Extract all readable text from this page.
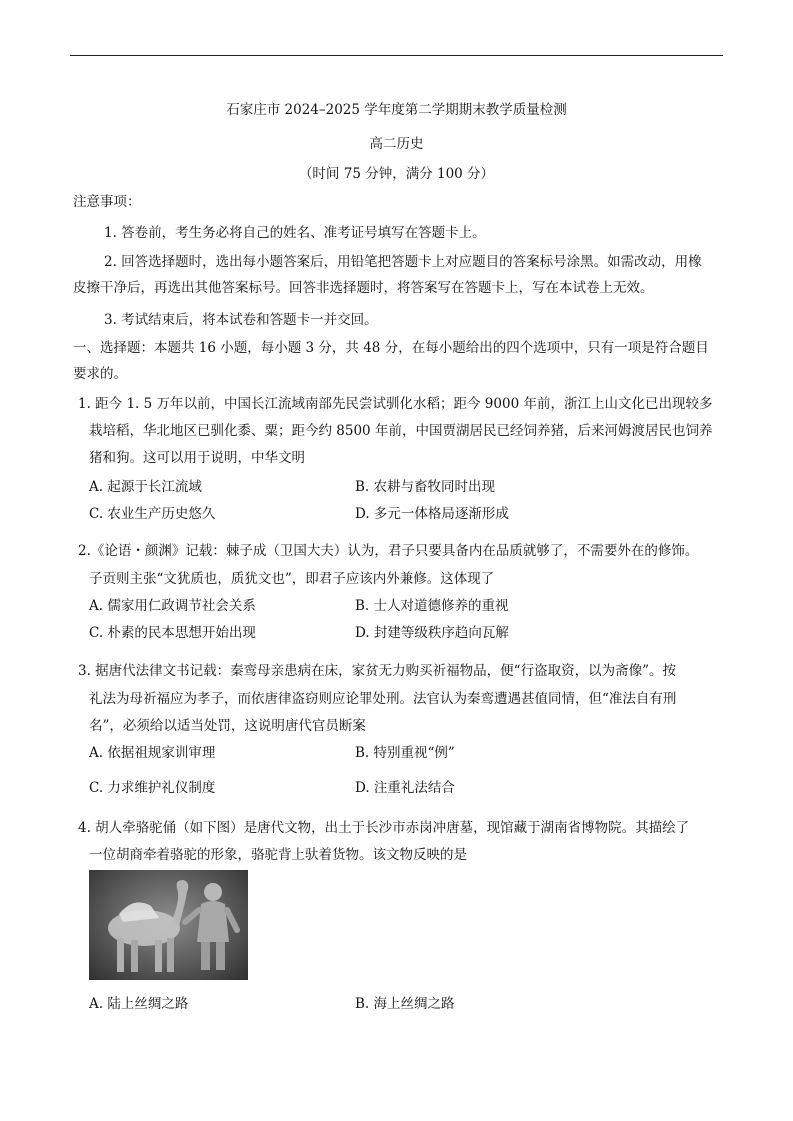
石家庄市 2024–2025 学年度第二学期期末教学质量检测
高二历史
（时间 75 分钟，满分 100 分）
注意事项：
1. 答卷前，考生务必将自己的姓名、准考证号填写在答题卡上。
2. 回答选择题时，选出每小题答案后，用铅笔把答题卡上对应题目的答案标号涂黑。如需改动，用橡
皮擦干净后，再选出其他答案标号。回答非选择题时，将答案写在答题卡上，写在本试卷上无效。
3. 考试结束后，将本试卷和答题卡一并交回。
一、选择题：本题共 16 小题，每小题 3 分，共 48 分，在每小题给出的四个选项中，只有一项是符合题目
要求的。
1. 距今 1. 5 万年以前，中国长江流域南部先民尝试驯化水稻；距今 9000 年前，浙江上山文化已出现较多
栽培稻，华北地区已驯化黍、粟；距今约 8500 年前，中国贾湖居民已经饲养猪，后来河姆渡居民也饲养
猪和狗。这可以用于说明，中华文明
A. 起源于长江流域	B. 农耕与畜牧同时出现
C. 农业生产历史悠久	D. 多元一体格局逐渐形成
2.《论语・颜渊》记载：棘子成（卫国大夫）认为，君子只要具备内在品质就够了，不需要外在的修饰。
子贡则主张“文犹质也，质犹文也”，即君子应该内外兼修。这体现了
A. 儒家用仁政调节社会关系	B. 士人对道德修养的重视
C. 朴素的民本思想开始出现	D. 封建等级秩序趋向瓦解
3. 据唐代法律文书记载：秦鸾母亲患病在床，家贫无力购买祈福物品，便“行盗取资，以为斋像”。按
礼法为母祈福应为孝子，而依唐律盗窃则应论罪处刑。法官认为秦鸾遭遇甚值同情，但“准法自有刑
名”，必须给以适当处罚，这说明唐代官员断案
A. 依据祖规家训审理	B. 特别重视“例”
C. 力求维护礼仪制度	D. 注重礼法结合
4. 胡人牵骆驼俑（如下图）是唐代文物，出土于长沙市赤岗冲唐墓，现馆藏于湖南省博物院。其描绘了
一位胡商牵着骆驼的形象，骆驼背上驮着货物。该文物反映的是
A. 陆上丝绸之路	B. 海上丝绸之路
